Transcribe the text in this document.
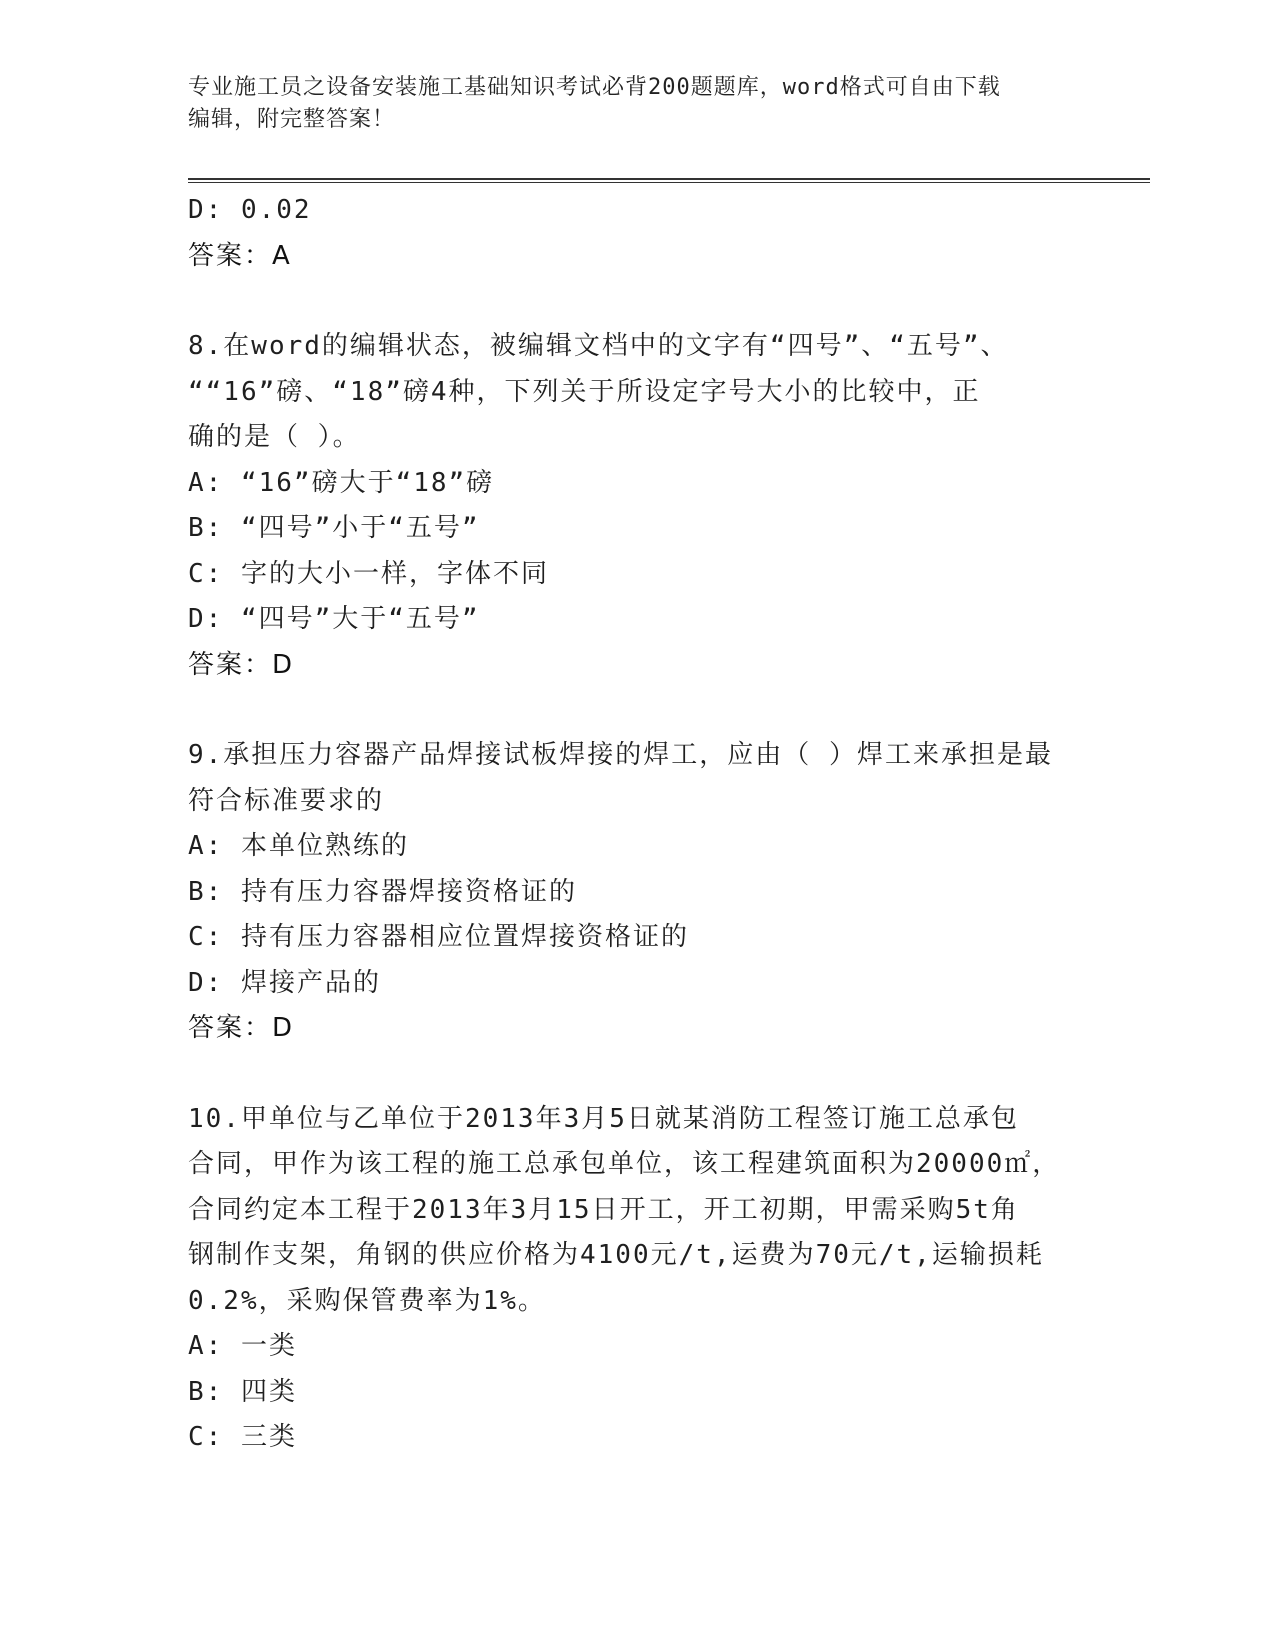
专业施工员之设备安装施工基础知识考试必背200题题库，word格式可自由下载
编辑，附完整答案！
D: 0.02
答案：A
8.在word的编辑状态，被编辑文档中的文字有“四号”、“五号”、
““16”磅、“18”磅4种，下列关于所设定字号大小的比较中，正
确的是（ ）。
A: “16”磅大于“18”磅
B: “四号”小于“五号”
C: 字的大小一样，字体不同
D: “四号”大于“五号”
答案：D
9.承担压力容器产品焊接试板焊接的焊工，应由（ ）焊工来承担是最
符合标准要求的
A: 本单位熟练的
B: 持有压力容器焊接资格证的
C: 持有压力容器相应位置焊接资格证的
D: 焊接产品的
答案：D
10.甲单位与乙单位于2013年3月5日就某消防工程签订施工总承包
合同，甲作为该工程的施工总承包单位，该工程建筑面积为20000㎡，
合同约定本工程于2013年3月15日开工，开工初期，甲需采购5t角
钢制作支架，角钢的供应价格为4100元/t,运费为70元/t,运输损耗
0.2%，采购保管费率为1%。
A: 一类
B: 四类
C: 三类
